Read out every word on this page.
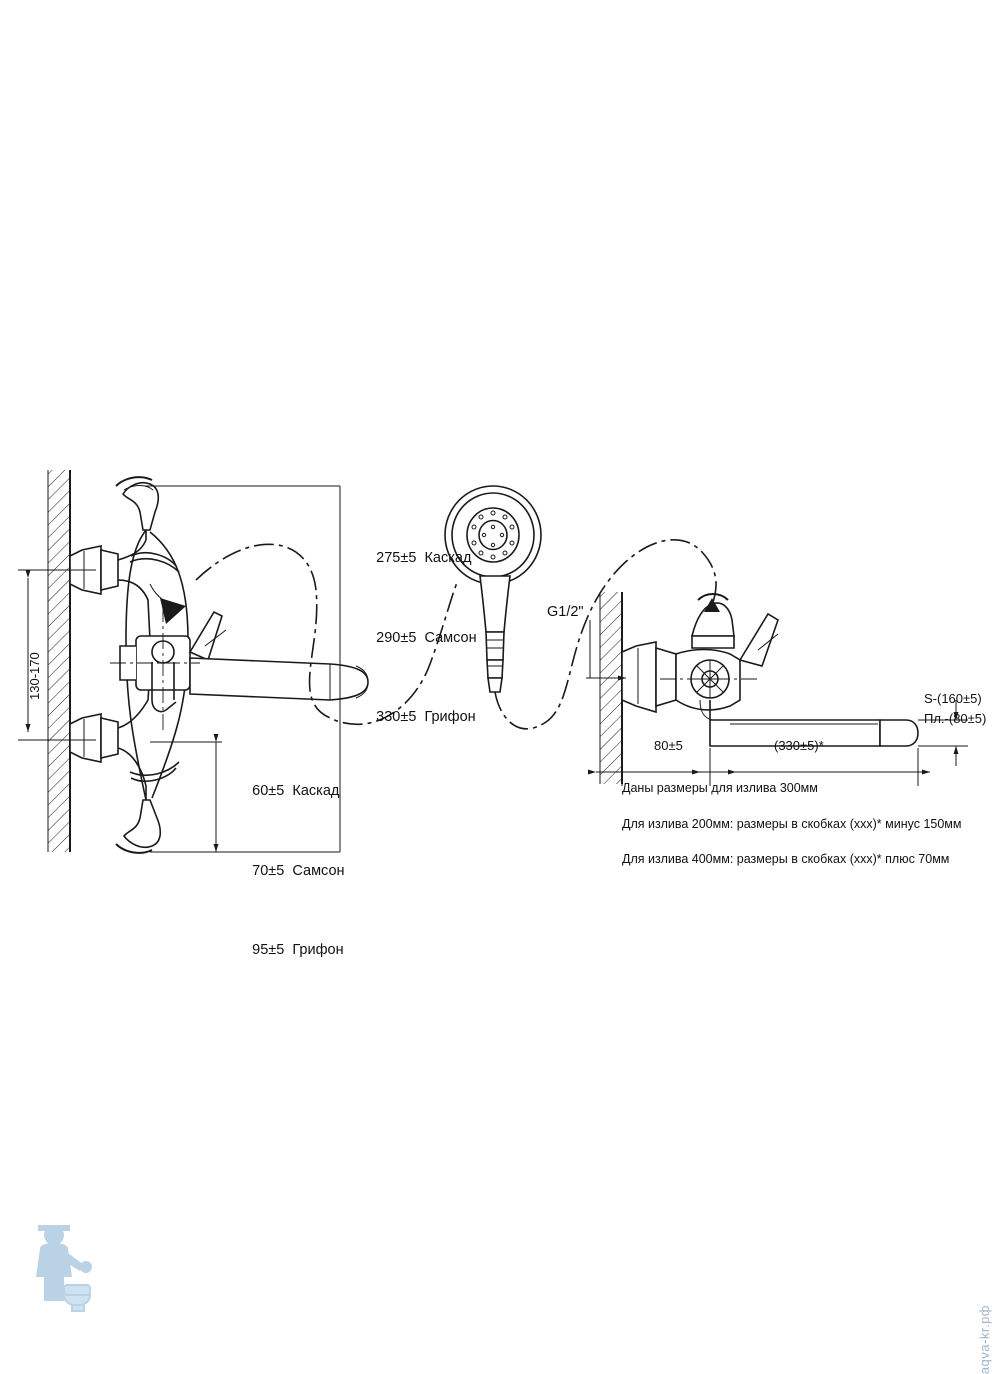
130-170

275±5 Каскад

290±5 Самсон

330±5 Грифон

60±5 Каскад

70±5 Самсон

95±5 Грифон

G1/2"
80±5	(330±5)*
S-(160±5)
Пл.-(80±5)
Даны размеры для излива 300мм
Для излива 200мм: размеры в скобках (ххх)* минус 150мм
Для излива 400мм: размеры в скобках (ххх)* плюс 70мм
aqva-kr.рф
